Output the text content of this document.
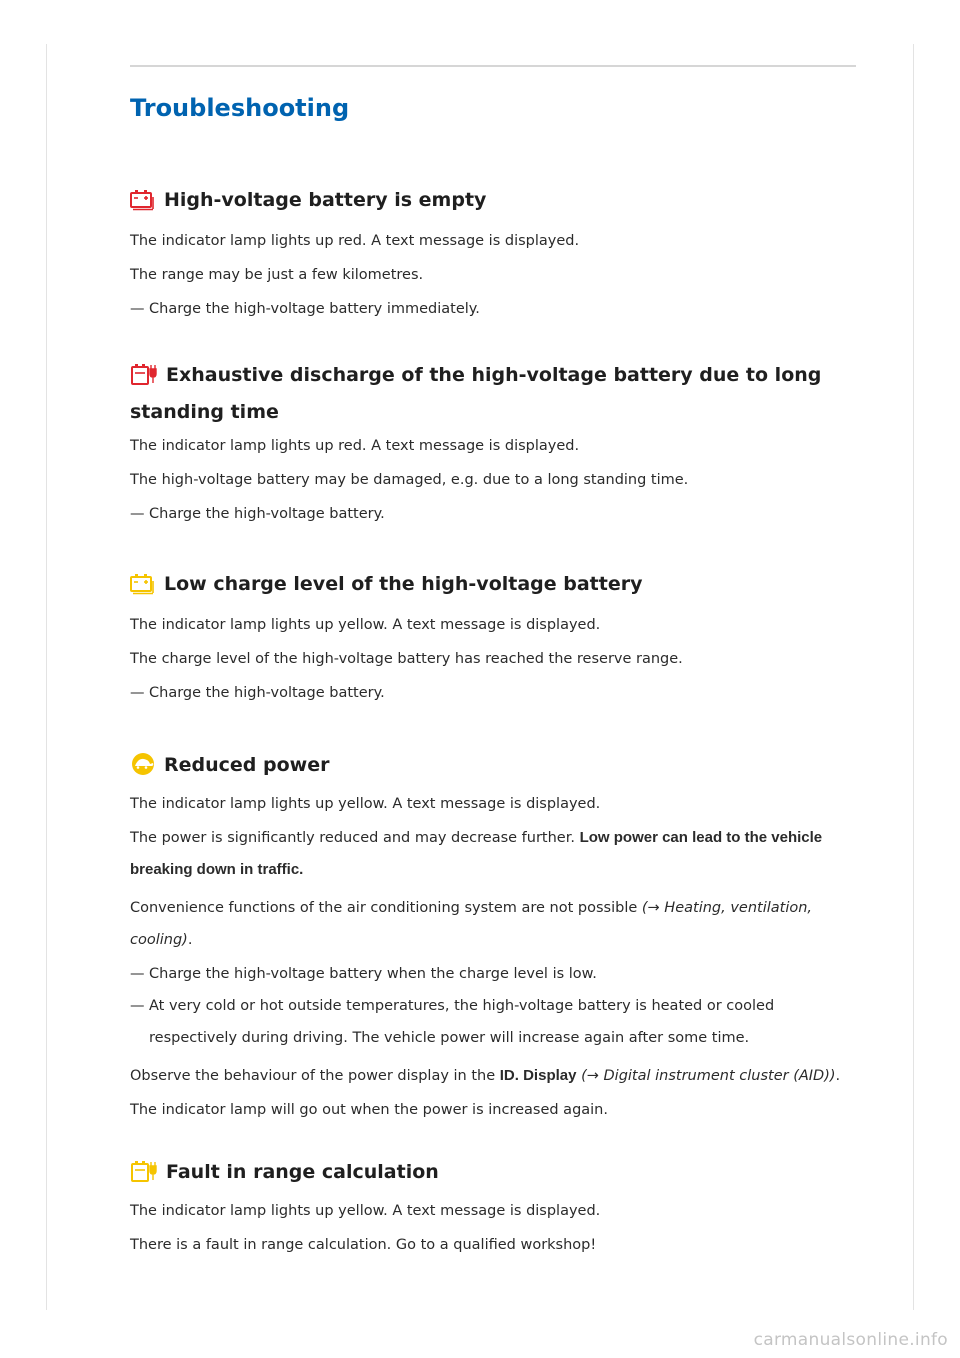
Troubleshooting
High-voltage battery is empty

The indicator lamp lights up red. A text message is displayed.

The range may be just a few kilometres.

— Charge the high-voltage battery immediately.

Exhaustive discharge of the high-voltage battery due to long standing time

The indicator lamp lights up red. A text message is displayed.

The high-voltage battery may be damaged, e.g. due to a long standing time.

— Charge the high-voltage battery.

Low charge level of the high-voltage battery

The indicator lamp lights up yellow. A text message is displayed.

The charge level of the high-voltage battery has reached the reserve range.

— Charge the high-voltage battery.

Reduced power

The indicator lamp lights up yellow. A text message is displayed.

The power is significantly reduced and may decrease further. Low power can lead to the vehicle breaking down in traffic.

Convenience functions of the air conditioning system are not possible (→ Heating, ventilation, cooling).

— Charge the high-voltage battery when the charge level is low.

— At very cold or hot outside temperatures, the high-voltage battery is heated or cooled respectively during driving. The vehicle power will increase again after some time.

Observe the behaviour of the power display in the ID. Display (→ Digital instrument cluster (AID)).

The indicator lamp will go out when the power is increased again.

Fault in range calculation

The indicator lamp lights up yellow. A text message is displayed.

There is a fault in range calculation. Go to a qualified workshop!

carmanualsonline.info
